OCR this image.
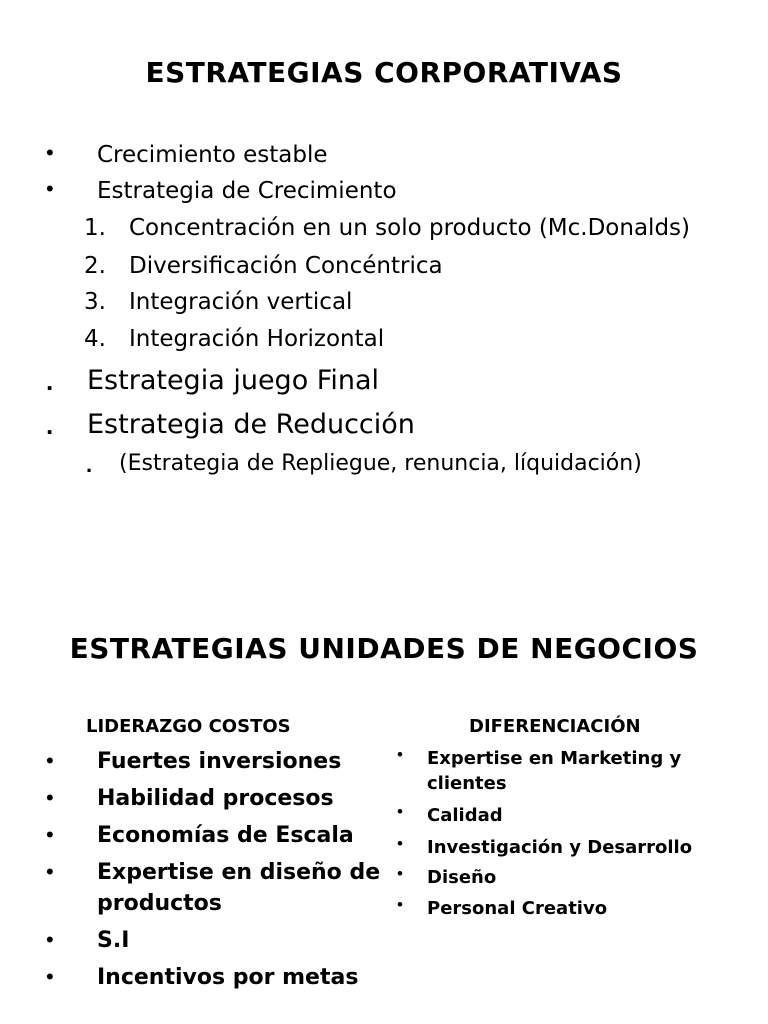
ESTRATEGIAS CORPORATIVAS
• Crecimiento estable
• Estrategia de Crecimiento
1. Concentración en un solo producto (Mc.Donalds)
2. Diversificación Concéntrica
3. Integración vertical
4. Integración Horizontal
. Estrategia juego Final
. Estrategia de Reducción
. (Estrategia de Repliegue, renuncia, líquidación)
ESTRATEGIAS UNIDADES DE NEGOCIOS
LIDERAZGO COSTOS	DIFERENCIACIÓN
• Fuertes inversiones
• Habilidad procesos
• Economías de Escala
• Expertise en diseño de
productos
• S.I
• Incentivos por metas
• Expertise en Marketing y
clientes
• Calidad
• Investigación y Desarrollo
• Diseño
• Personal Creativo
